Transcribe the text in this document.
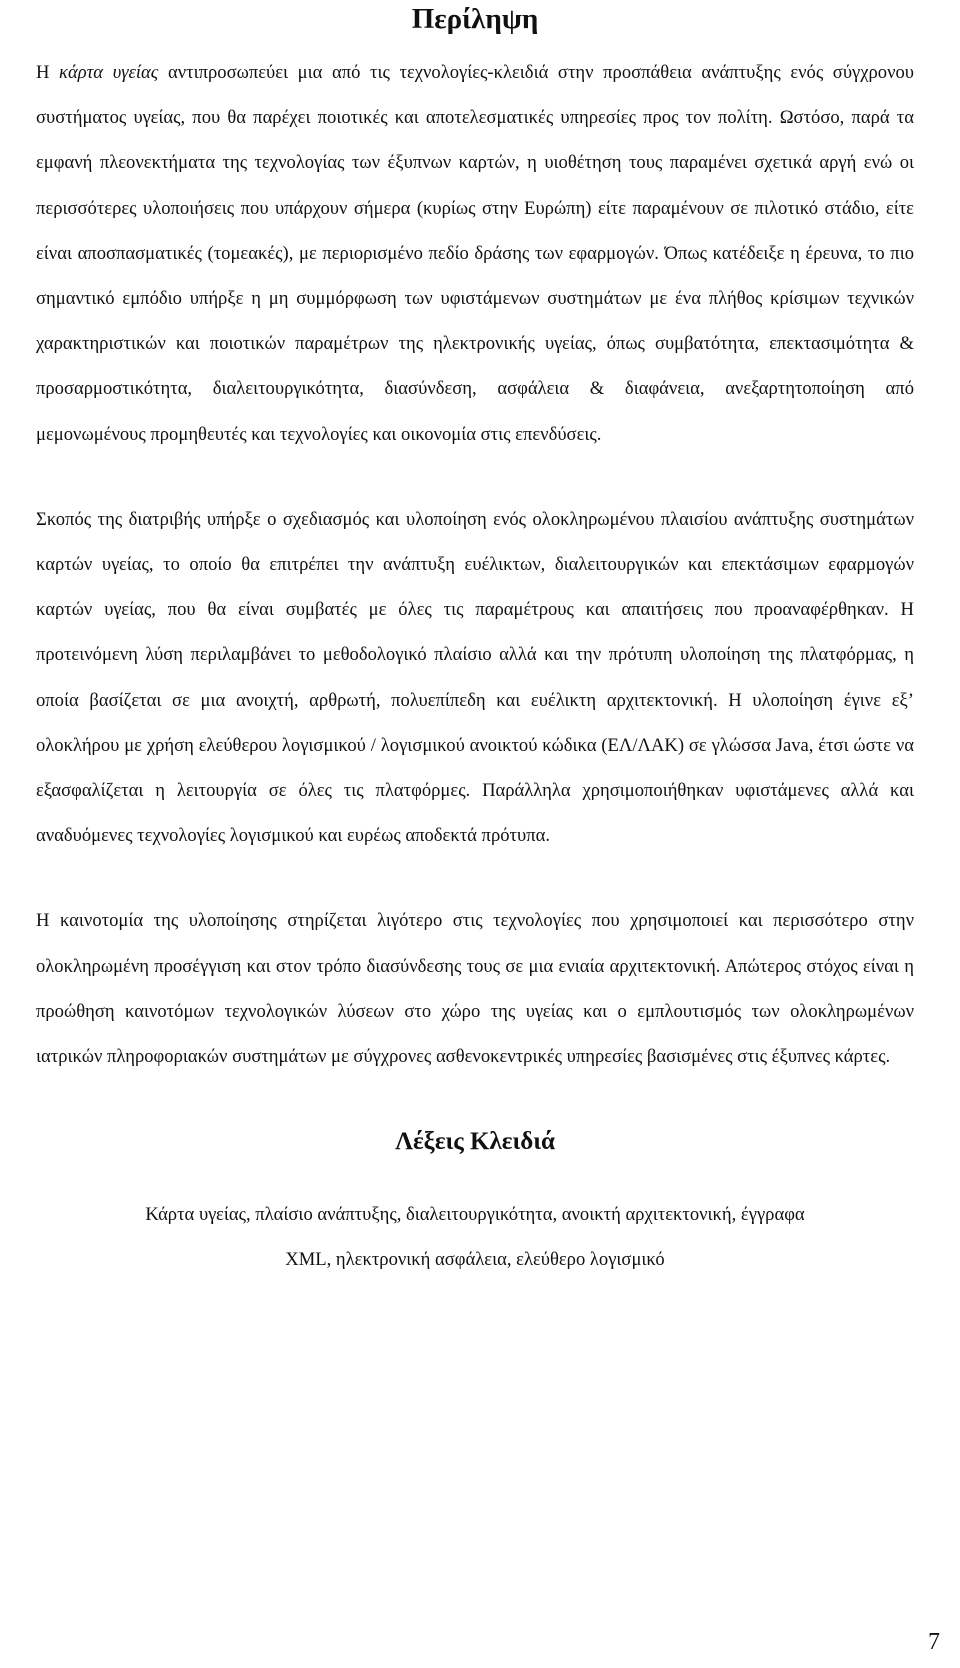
Περίληψη

Η κάρτα υγείας αντιπροσωπεύει μια από τις τεχνολογίες-κλειδιά στην προσπάθεια ανάπτυξης ενός σύγχρονου συστήματος υγείας, που θα παρέχει ποιοτικές και αποτελεσματικές υπηρεσίες προς τον πολίτη. Ωστόσο, παρά τα εμφανή πλεονεκτήματα της τεχνολογίας των έξυπνων καρτών, η υιοθέτηση τους παραμένει σχετικά αργή ενώ οι περισσότερες υλοποιήσεις που υπάρχουν σήμερα (κυρίως στην Ευρώπη) είτε παραμένουν σε πιλοτικό στάδιο, είτε είναι αποσπασματικές (τομεακές), με περιορισμένο πεδίο δράσης των εφαρμογών. Όπως κατέδειξε η έρευνα, το πιο σημαντικό εμπόδιο υπήρξε η μη συμμόρφωση των υφιστάμενων συστημάτων με ένα πλήθος κρίσιμων τεχνικών χαρακτηριστικών και ποιοτικών παραμέτρων της ηλεκτρονικής υγείας, όπως συμβατότητα, επεκτασιμότητα & προσαρμοστικότητα, διαλειτουργικότητα, διασύνδεση, ασφάλεια & διαφάνεια, ανεξαρτητοποίηση από μεμονωμένους προμηθευτές και τεχνολογίες και οικονομία στις επενδύσεις.

Σκοπός της διατριβής υπήρξε ο σχεδιασμός και υλοποίηση ενός ολοκληρωμένου πλαισίου ανάπτυξης συστημάτων καρτών υγείας, το οποίο θα επιτρέπει την ανάπτυξη ευέλικτων, διαλειτουργικών και επεκτάσιμων εφαρμογών καρτών υγείας, που θα είναι συμβατές με όλες τις παραμέτρους και απαιτήσεις που προαναφέρθηκαν. Η προτεινόμενη λύση περιλαμβάνει το μεθοδολογικό πλαίσιο αλλά και την πρότυπη υλοποίηση της πλατφόρμας, η οποία βασίζεται σε μια ανοιχτή, αρθρωτή, πολυεπίπεδη και ευέλικτη αρχιτεκτονική. Η υλοποίηση έγινε εξ’ ολοκλήρου με χρήση ελεύθερου λογισμικού / λογισμικού ανοικτού κώδικα (ΕΛ/ΛΑΚ) σε γλώσσα Java, έτσι ώστε να εξασφαλίζεται η λειτουργία σε όλες τις πλατφόρμες. Παράλληλα χρησιμοποιήθηκαν υφιστάμενες αλλά και αναδυόμενες τεχνολογίες λογισμικού και ευρέως αποδεκτά πρότυπα.

Η καινοτομία της υλοποίησης στηρίζεται λιγότερο στις τεχνολογίες που χρησιμοποιεί και περισσότερο στην ολοκληρωμένη προσέγγιση και στον τρόπο διασύνδεσης τους σε μια ενιαία αρχιτεκτονική. Απώτερος στόχος είναι η προώθηση καινοτόμων τεχνολογικών λύσεων στο χώρο της υγείας και ο εμπλουτισμός των ολοκληρωμένων ιατρικών πληροφοριακών συστημάτων με σύγχρονες ασθενοκεντρικές υπηρεσίες βασισμένες στις έξυπνες κάρτες.

Λέξεις Κλειδιά

Κάρτα υγείας, πλαίσιο ανάπτυξης, διαλειτουργικότητα, ανοικτή αρχιτεκτονική, έγγραφα
XML, ηλεκτρονική ασφάλεια, ελεύθερο λογισμικό

7
